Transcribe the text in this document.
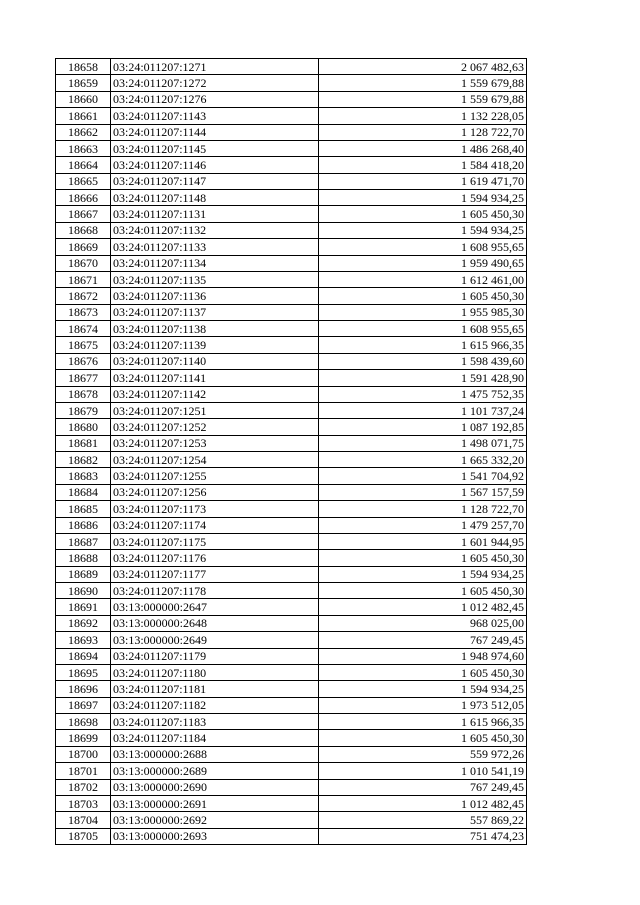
18658	03:24:011207:1271	2 067 482,63
18659	03:24:011207:1272	1 559 679,88
18660	03:24:011207:1276	1 559 679,88
18661	03:24:011207:1143	1 132 228,05
18662	03:24:011207:1144	1 128 722,70
18663	03:24:011207:1145	1 486 268,40
18664	03:24:011207:1146	1 584 418,20
18665	03:24:011207:1147	1 619 471,70
18666	03:24:011207:1148	1 594 934,25
18667	03:24:011207:1131	1 605 450,30
18668	03:24:011207:1132	1 594 934,25
18669	03:24:011207:1133	1 608 955,65
18670	03:24:011207:1134	1 959 490,65
18671	03:24:011207:1135	1 612 461,00
18672	03:24:011207:1136	1 605 450,30
18673	03:24:011207:1137	1 955 985,30
18674	03:24:011207:1138	1 608 955,65
18675	03:24:011207:1139	1 615 966,35
18676	03:24:011207:1140	1 598 439,60
18677	03:24:011207:1141	1 591 428,90
18678	03:24:011207:1142	1 475 752,35
18679	03:24:011207:1251	1 101 737,24
18680	03:24:011207:1252	1 087 192,85
18681	03:24:011207:1253	1 498 071,75
18682	03:24:011207:1254	1 665 332,20
18683	03:24:011207:1255	1 541 704,92
18684	03:24:011207:1256	1 567 157,59
18685	03:24:011207:1173	1 128 722,70
18686	03:24:011207:1174	1 479 257,70
18687	03:24:011207:1175	1 601 944,95
18688	03:24:011207:1176	1 605 450,30
18689	03:24:011207:1177	1 594 934,25
18690	03:24:011207:1178	1 605 450,30
18691	03:13:000000:2647	1 012 482,45
18692	03:13:000000:2648	968 025,00
18693	03:13:000000:2649	767 249,45
18694	03:24:011207:1179	1 948 974,60
18695	03:24:011207:1180	1 605 450,30
18696	03:24:011207:1181	1 594 934,25
18697	03:24:011207:1182	1 973 512,05
18698	03:24:011207:1183	1 615 966,35
18699	03:24:011207:1184	1 605 450,30
18700	03:13:000000:2688	559 972,26
18701	03:13:000000:2689	1 010 541,19
18702	03:13:000000:2690	767 249,45
18703	03:13:000000:2691	1 012 482,45
18704	03:13:000000:2692	557 869,22
18705	03:13:000000:2693	751 474,23
